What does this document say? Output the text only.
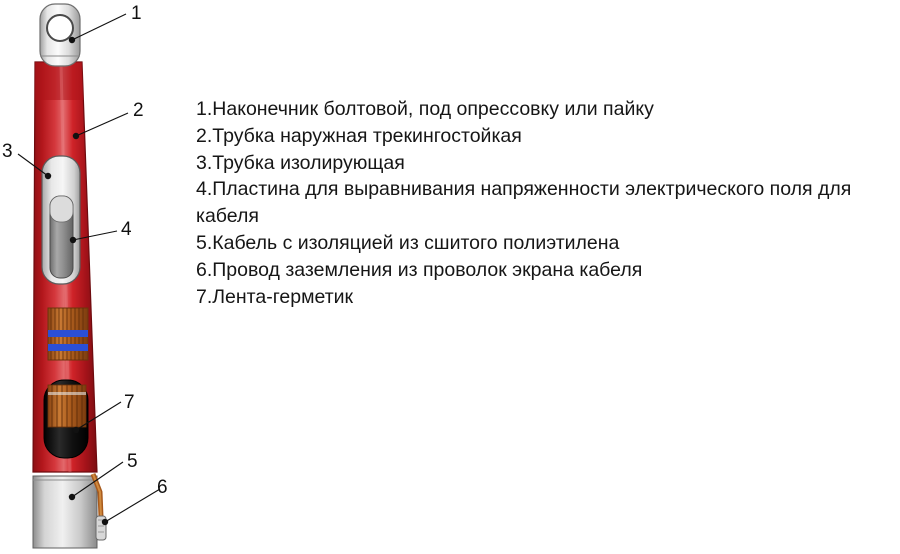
1
2
3
4
7
5
6
1.Наконечник болтовой, под опрессовку или пайку
2.Трубка наружная трекингостойкая
3.Трубка изолирующая
4.Пластина для выравнивания напряженности электрического поля для кабеля
5.Кабель с изоляцией из сшитого полиэтилена
6.Провод заземления из проволок экрана кабеля
7.Лента-герметик
